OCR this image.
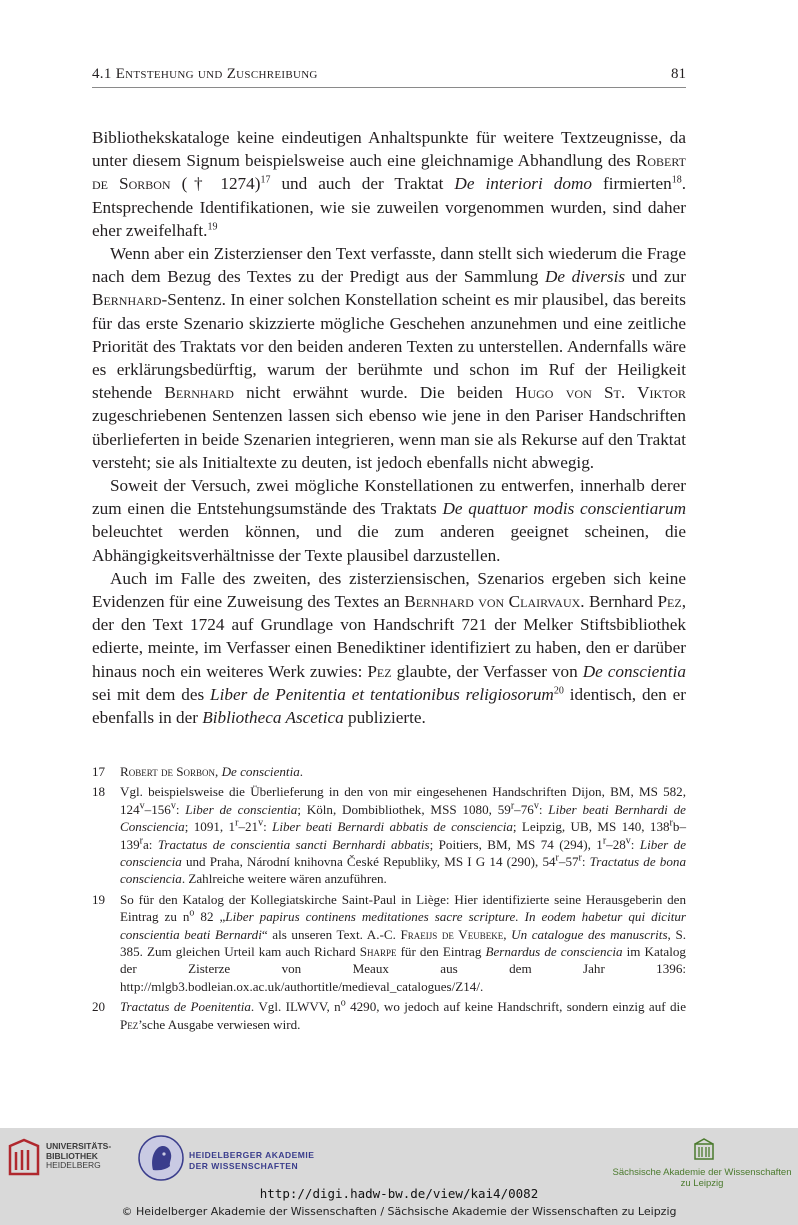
4.1 Entstehung und Zuschreibung	81

Bibliothekskataloge keine eindeutigen Anhaltspunkte für weitere Textzeugnisse, da unter diesem Signum beispielsweise auch eine gleichnamige Abhandlung des Robert de Sorbon († 1274)$^{17}$ und auch der Traktat De interiori domo firmierten$^{18}$. Entsprechende Identifikationen, wie sie zuweilen vorgenommen wurden, sind daher eher zweifelhaft.$^{19}$

Wenn aber ein Zisterzienser den Text verfasste, dann stellt sich wiederum die Frage nach dem Bezug des Textes zu der Predigt aus der Sammlung De diversis und zur Bernhard-Sentenz. In einer solchen Konstellation scheint es mir plausibel, das bereits für das erste Szenario skizzierte mögliche Geschehen anzunehmen und eine zeitliche Priorität des Traktats vor den beiden anderen Texten zu unterstellen. Andernfalls wäre es erklärungsbedürftig, warum der berühmte und schon im Ruf der Heiligkeit stehende Bernhard nicht erwähnt wurde. Die beiden Hugo von St. Viktor zugeschriebenen Sentenzen lassen sich ebenso wie jene in den Pariser Handschriften überlieferten in beide Szenarien integrieren, wenn man sie als Rekurse auf den Traktat versteht; sie als Initialtexte zu deuten, ist jedoch ebenfalls nicht abwegig.

Soweit der Versuch, zwei mögliche Konstellationen zu entwerfen, innerhalb derer zum einen die Entstehungsumstände des Traktats De quattuor modis conscientiarum beleuchtet werden können, und die zum anderen geeignet scheinen, die Abhängigkeitsverhältnisse der Texte plausibel darzustellen.

Auch im Falle des zweiten, des zisterziensischen, Szenarios ergeben sich keine Evidenzen für eine Zuweisung des Textes an Bernhard von Clairvaux. Bernhard Pez, der den Text 1724 auf Grundlage von Handschrift 721 der Melker Stiftsbibliothek edierte, meinte, im Verfasser einen Benediktiner identifiziert zu haben, den er darüber hinaus noch ein weiteres Werk zuwies: Pez glaubte, der Verfasser von De conscientia sei mit dem des Liber de Penitentia et tentationibus religiosorum$^{20}$ identisch, den er ebenfalls in der Bibliotheca Ascetica publizierte.

17	Robert de Sorbon, De conscientia.
18	Vgl. beispielsweise die Überlieferung in den von mir eingesehenen Handschriften Dijon, BM, MS 582, 124$^v$–156$^v$: Liber de conscientia; Köln, Dombibliothek, MSS 1080, 59$^r$–76$^v$: Liber beati Bernhardi de Consciencia; 1091, 1$^r$–21$^v$: Liber beati Bernardi abbatis de consciencia; Leipzig, UB, MS 140, 138$^r$b–139$^r$a: Tractatus de conscientia sancti Bernhardi abbatis; Poitiers, BM, MS 74 (294), 1$^r$–28$^v$: Liber de consciencia und Praha, Národní knihovna České Republiky, MS I G 14 (290), 54$^r$–57$^r$: Tractatus de bona consciencia. Zahlreiche weitere wären anzuführen.
19	So für den Katalog der Kollegiatskirche Saint-Paul in Liège: Hier identifizierte seine Herausgeberin den Eintrag zu $n^o$ 82 „Liber papirus continens meditationes sacre scripture. In eodem habetur qui dicitur conscientia beati Bernardi“ als unseren Text. A.-C. Fraeijs de Veubeke, Un catalogue des manuscrits, S. 385. Zum gleichen Urteil kam auch Richard Sharpe für den Eintrag Bernardus de consciencia im Katalog der Zisterze von Meaux aus dem Jahr 1396: http://mlgb3.bodleian.ox.ac.uk/authortitle/medieval_catalogues/Z14/.
20	Tractatus de Poenitentia. Vgl. ILWVV, $n^o$ 4290, wo jedoch auf keine Handschrift, sondern einzig auf die Pez’sche Ausgabe verwiesen wird.
UNIVERSITÄTS-
BIBLIOTHEK
HEIDELBERG
HEIDELBERGER AKADEMIE
DER WISSENSCHAFTEN
Sächsische Akademie der Wissenschaften
zu Leipzig
http://digi.hadw-bw.de/view/kai4/0082
© Heidelberger Akademie der Wissenschaften / Sächsische Akademie der Wissenschaften zu Leipzig
